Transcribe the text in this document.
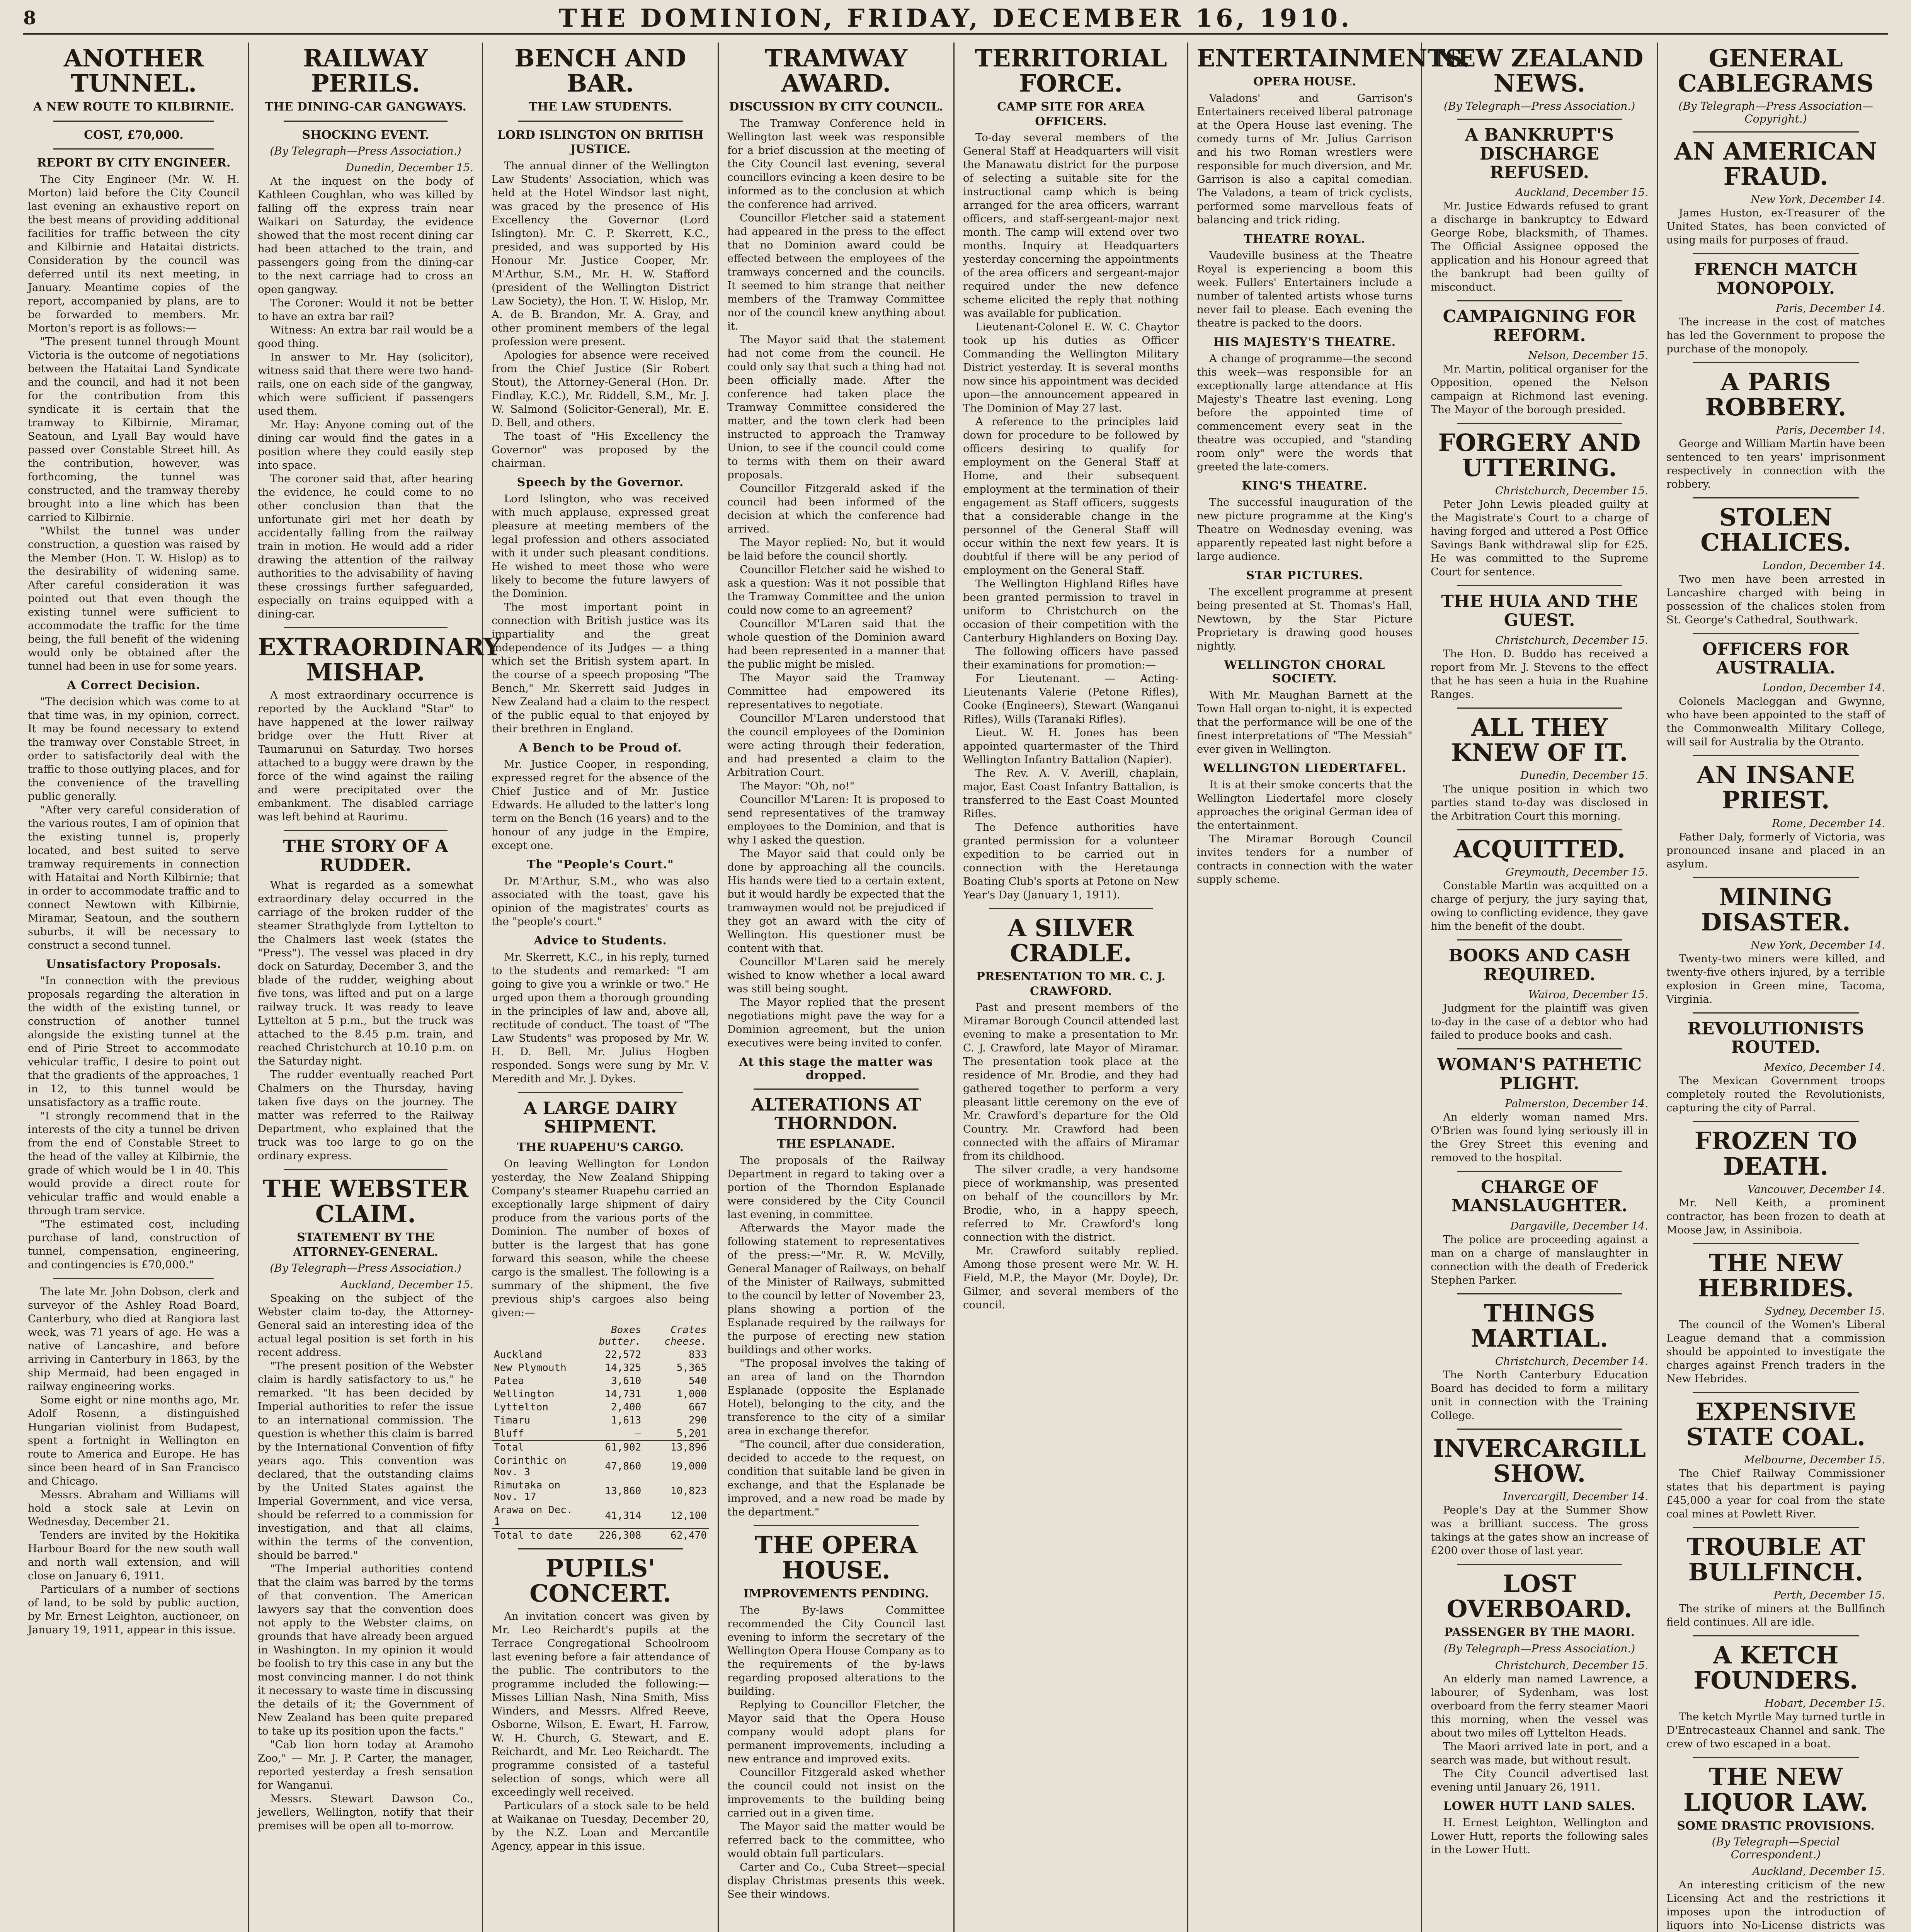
8	THE DOMINION, FRIDAY, DECEMBER 16, 1910.
ANOTHER TUNNEL.
A NEW ROUTE TO KILBIRNIE.
COST, £70,000.
REPORT BY CITY ENGINEER.

The City Engineer (Mr. W. H. Morton) laid before the City Council last evening an exhaustive report on the best means of providing additional facilities for traffic between the city and Kilbirnie and Hataitai districts. Consideration by the council was deferred until its next meeting, in January. Meantime copies of the report, accompanied by plans, are to be forwarded to members. Mr. Morton's report is as follows:—

"The present tunnel through Mount Victoria is the outcome of negotiations between the Hataitai Land Syndicate and the council, and had it not been for the contribution from this syndicate it is certain that the tramway to Kilbirnie, Miramar, Seatoun, and Lyall Bay would have passed over Constable Street hill. As the contribution, however, was forthcoming, the tunnel was constructed, and the tramway thereby brought into a line which has been carried to Kilbirnie.

"Whilst the tunnel was under construction, a question was raised by the Member (Hon. T. W. Hislop) as to the desirability of widening same. After careful consideration it was pointed out that even though the existing tunnel were sufficient to accommodate the traffic for the time being, the full benefit of the widening would only be obtained after the tunnel had been in use for some years.

A Correct Decision.

"The decision which was come to at that time was, in my opinion, correct. It may be found necessary to extend the tramway over Constable Street, in order to satisfactorily deal with the traffic to those outlying places, and for the convenience of the travelling public generally.

"After very careful consideration of the various routes, I am of opinion that the existing tunnel is, properly located, and best suited to serve tramway requirements in connection with Hataitai and North Kilbirnie; that in order to accommodate traffic and to connect Newtown with Kilbirnie, Miramar, Seatoun, and the southern suburbs, it will be necessary to construct a second tunnel.

Unsatisfactory Proposals.

"In connection with the previous proposals regarding the alteration in the width of the existing tunnel, or construction of another tunnel alongside the existing tunnel at the end of Pirie Street to accommodate vehicular traffic, I desire to point out that the gradients of the approaches, 1 in 12, to this tunnel would be unsatisfactory as a traffic route.

"I strongly recommend that in the interests of the city a tunnel be driven from the end of Constable Street to the head of the valley at Kilbirnie, the grade of which would be 1 in 40. This would provide a direct route for vehicular traffic and would enable a through tram service.

"The estimated cost, including purchase of land, construction of tunnel, compensation, engineering, and contingencies is £70,000."

The late Mr. John Dobson, clerk and surveyor of the Ashley Road Board, Canterbury, who died at Rangiora last week, was 71 years of age. He was a native of Lancashire, and before arriving in Canterbury in 1863, by the ship Mermaid, had been engaged in railway engineering works.

Some eight or nine months ago, Mr. Adolf Rosenn, a distinguished Hungarian violinist from Budapest, spent a fortnight in Wellington en route to America and Europe. He has since been heard of in San Francisco and Chicago.

Messrs. Abraham and Williams will hold a stock sale at Levin on Wednesday, December 21.

Tenders are invited by the Hokitika Harbour Board for the new south wall and north wall extension, and will close on January 6, 1911.

Particulars of a number of sections of land, to be sold by public auction, by Mr. Ernest Leighton, auctioneer, on January 19, 1911, appear in this issue.

RAILWAY PERILS.
THE DINING-CAR GANGWAYS.
SHOCKING EVENT.
(By Telegraph—Press Association.)

Dunedin, December 15.

At the inquest on the body of Kathleen Coughlan, who was killed by falling off the express train near Waikari on Saturday, the evidence showed that the most recent dining car had been attached to the train, and passengers going from the dining-car to the next carriage had to cross an open gangway.

The Coroner: Would it not be better to have an extra bar rail?

Witness: An extra bar rail would be a good thing.

In answer to Mr. Hay (solicitor), witness said that there were two hand-rails, one on each side of the gangway, which were sufficient if passengers used them.

Mr. Hay: Anyone coming out of the dining car would find the gates in a position where they could easily step into space.

The coroner said that, after hearing the evidence, he could come to no other conclusion than that the unfortunate girl met her death by accidentally falling from the railway train in motion. He would add a rider drawing the attention of the railway authorities to the advisability of having these crossings further safeguarded, especially on trains equipped with a dining-car.

EXTRAORDINARY MISHAP.

A most extraordinary occurrence is reported by the Auckland "Star" to have happened at the lower railway bridge over the Hutt River at Taumarunui on Saturday. Two horses attached to a buggy were drawn by the force of the wind against the railing and were precipitated over the embankment. The disabled carriage was left behind at Raurimu.

THE STORY OF A RUDDER.

What is regarded as a somewhat extraordinary delay occurred in the carriage of the broken rudder of the steamer Strathglyde from Lyttelton to the Chalmers last week (states the "Press"). The vessel was placed in dry dock on Saturday, December 3, and the blade of the rudder, weighing about five tons, was lifted and put on a large railway truck. It was ready to leave Lyttelton at 5 p.m., but the truck was attached to the 8.45 p.m. train, and reached Christchurch at 10.10 p.m. on the Saturday night.

The rudder eventually reached Port Chalmers on the Thursday, having taken five days on the journey. The matter was referred to the Railway Department, who explained that the truck was too large to go on the ordinary express.

THE WEBSTER CLAIM.
STATEMENT BY THE ATTORNEY-GENERAL.
(By Telegraph—Press Association.)

Auckland, December 15.

Speaking on the subject of the Webster claim to-day, the Attorney-General said an interesting idea of the actual legal position is set forth in his recent address.

"The present position of the Webster claim is hardly satisfactory to us," he remarked. "It has been decided by Imperial authorities to refer the issue to an international commission. The question is whether this claim is barred by the International Convention of fifty years ago. This convention was declared, that the outstanding claims by the United States against the Imperial Government, and vice versa, should be referred to a commission for investigation, and that all claims, within the terms of the convention, should be barred."

"The Imperial authorities contend that the claim was barred by the terms of that convention. The American lawyers say that the convention does not apply to the Webster claims, on grounds that have already been argued in Washington. In my opinion it would be foolish to try this case in any but the most convincing manner. I do not think it necessary to waste time in discussing the details of it; the Government of New Zealand has been quite prepared to take up its position upon the facts."

"Cab lion horn today at Aramoho Zoo," — Mr. J. P. Carter, the manager, reported yesterday a fresh sensation for Wanganui.

Messrs. Stewart Dawson Co., jewellers, Wellington, notify that their premises will be open all to-morrow.

BENCH AND BAR.
THE LAW STUDENTS.
LORD ISLINGTON ON BRITISH JUSTICE.

The annual dinner of the Wellington Law Students' Association, which was held at the Hotel Windsor last night, was graced by the presence of His Excellency the Governor (Lord Islington). Mr. C. P. Skerrett, K.C., presided, and was supported by His Honour Mr. Justice Cooper, Mr. M'Arthur, S.M., Mr. H. W. Stafford (president of the Wellington District Law Society), the Hon. T. W. Hislop, Mr. A. de B. Brandon, Mr. A. Gray, and other prominent members of the legal profession were present.

Apologies for absence were received from the Chief Justice (Sir Robert Stout), the Attorney-General (Hon. Dr. Findlay, K.C.), Mr. Riddell, S.M., Mr. J. W. Salmond (Solicitor-General), Mr. E. D. Bell, and others.

The toast of "His Excellency the Governor" was proposed by the chairman.

Speech by the Governor.

Lord Islington, who was received with much applause, expressed great pleasure at meeting members of the legal profession and others associated with it under such pleasant conditions. He wished to meet those who were likely to become the future lawyers of the Dominion.

The most important point in connection with British justice was its impartiality and the great independence of its Judges — a thing which set the British system apart. In the course of a speech proposing "The Bench," Mr. Skerrett said Judges in New Zealand had a claim to the respect of the public equal to that enjoyed by their brethren in England.

A Bench to be Proud of.

Mr. Justice Cooper, in responding, expressed regret for the absence of the Chief Justice and of Mr. Justice Edwards. He alluded to the latter's long term on the Bench (16 years) and to the honour of any judge in the Empire, except one.

The "People's Court."

Dr. M'Arthur, S.M., who was also associated with the toast, gave his opinion of the magistrates' courts as the "people's court."

Advice to Students.

Mr. Skerrett, K.C., in his reply, turned to the students and remarked: "I am going to give you a wrinkle or two." He urged upon them a thorough grounding in the principles of law and, above all, rectitude of conduct. The toast of "The Law Students" was proposed by Mr. W. H. D. Bell. Mr. Julius Hogben responded. Songs were sung by Mr. V. Meredith and Mr. J. Dykes.

A LARGE DAIRY SHIPMENT.
THE RUAPEHU'S CARGO.

On leaving Wellington for London yesterday, the New Zealand Shipping Company's steamer Ruapehu carried an exceptionally large shipment of dairy produce from the various ports of the Dominion. The number of boxes of butter is the largest that has gone forward this season, while the cheese cargo is the smallest. The following is a summary of the shipment, the five previous ship's cargoes also being given:—

	Boxes butter.	Crates cheese.
Auckland	22,572	833
New Plymouth	14,325	5,365
Patea	3,610	540
Wellington	14,731	1,000
Lyttelton	2,400	667
Timaru	1,613	290
Bluff	—	5,201
Total	61,902	13,896
Corinthic on Nov. 3	47,860	19,000
Rimutaka on Nov. 17	13,860	10,823
Arawa on Dec. 1	41,314	12,100
Total to date	226,308	62,470
PUPILS' CONCERT.

An invitation concert was given by Mr. Leo Reichardt's pupils at the Terrace Congregational Schoolroom last evening before a fair attendance of the public. The contributors to the programme included the following:— Misses Lillian Nash, Nina Smith, Miss Winders, and Messrs. Alfred Reeve, Osborne, Wilson, E. Ewart, H. Farrow, W. H. Church, G. Stewart, and E. Reichardt, and Mr. Leo Reichardt. The programme consisted of a tasteful selection of songs, which were all exceedingly well received.

Particulars of a stock sale to be held at Waikanae on Tuesday, December 20, by the N.Z. Loan and Mercantile Agency, appear in this issue.

TRAMWAY AWARD.
DISCUSSION BY CITY COUNCIL.

The Tramway Conference held in Wellington last week was responsible for a brief discussion at the meeting of the City Council last evening, several councillors evincing a keen desire to be informed as to the conclusion at which the conference had arrived.

Councillor Fletcher said a statement had appeared in the press to the effect that no Dominion award could be effected between the employees of the tramways concerned and the councils. It seemed to him strange that neither members of the Tramway Committee nor of the council knew anything about it.

The Mayor said that the statement had not come from the council. He could only say that such a thing had not been officially made. After the conference had taken place the Tramway Committee considered the matter, and the town clerk had been instructed to approach the Tramway Union, to see if the council could come to terms with them on their award proposals.

Councillor Fitzgerald asked if the council had been informed of the decision at which the conference had arrived.

The Mayor replied: No, but it would be laid before the council shortly.

Councillor Fletcher said he wished to ask a question: Was it not possible that the Tramway Committee and the union could now come to an agreement?

Councillor M'Laren said that the whole question of the Dominion award had been represented in a manner that the public might be misled.

The Mayor said the Tramway Committee had empowered its representatives to negotiate.

Councillor M'Laren understood that the council employees of the Dominion were acting through their federation, and had presented a claim to the Arbitration Court.

The Mayor: "Oh, no!"

Councillor M'Laren: It is proposed to send representatives of the tramway employees to the Dominion, and that is why I asked the question.

The Mayor said that could only be done by approaching all the councils. His hands were tied to a certain extent, but it would hardly be expected that the tramwaymen would not be prejudiced if they got an award with the city of Wellington. His questioner must be content with that.

Councillor M'Laren said he merely wished to know whether a local award was still being sought.

The Mayor replied that the present negotiations might pave the way for a Dominion agreement, but the union executives were being invited to confer.

At this stage the matter was dropped.
ALTERATIONS AT THORNDON.
THE ESPLANADE.

The proposals of the Railway Department in regard to taking over a portion of the Thorndon Esplanade were considered by the City Council last evening, in committee.

Afterwards the Mayor made the following statement to representatives of the press:—"Mr. R. W. McVilly, General Manager of Railways, on behalf of the Minister of Railways, submitted to the council by letter of November 23, plans showing a portion of the Esplanade required by the railways for the purpose of erecting new station buildings and other works.

"The proposal involves the taking of an area of land on the Thorndon Esplanade (opposite the Esplanade Hotel), belonging to the city, and the transference to the city of a similar area in exchange therefor.

"The council, after due consideration, decided to accede to the request, on condition that suitable land be given in exchange, and that the Esplanade be improved, and a new road be made by the department."

THE OPERA HOUSE.
IMPROVEMENTS PENDING.

The By-laws Committee recommended the City Council last evening to inform the secretary of the Wellington Opera House Company as to the requirements of the by-laws regarding proposed alterations to the building.

Replying to Councillor Fletcher, the Mayor said that the Opera House company would adopt plans for permanent improvements, including a new entrance and improved exits.

Councillor Fitzgerald asked whether the council could not insist on the improvements to the building being carried out in a given time.

The Mayor said the matter would be referred back to the committee, who would obtain full particulars.

Carter and Co., Cuba Street—special display Christmas presents this week. See their windows.

TERRITORIAL FORCE.
CAMP SITE FOR AREA OFFICERS.

To-day several members of the General Staff at Headquarters will visit the Manawatu district for the purpose of selecting a suitable site for the instructional camp which is being arranged for the area officers, warrant officers, and staff-sergeant-major next month. The camp will extend over two months. Inquiry at Headquarters yesterday concerning the appointments of the area officers and sergeant-major required under the new defence scheme elicited the reply that nothing was available for publication.

Lieutenant-Colonel E. W. C. Chaytor took up his duties as Officer Commanding the Wellington Military District yesterday. It is several months now since his appointment was decided upon—the announcement appeared in The Dominion of May 27 last.

A reference to the principles laid down for procedure to be followed by officers desiring to qualify for employment on the General Staff at Home, and their subsequent employment at the termination of their engagement as Staff officers, suggests that a considerable change in the personnel of the General Staff will occur within the next few years. It is doubtful if there will be any period of employment on the General Staff.

The Wellington Highland Rifles have been granted permission to travel in uniform to Christchurch on the occasion of their competition with the Canterbury Highlanders on Boxing Day.

The following officers have passed their examinations for promotion:—

For Lieutenant. — Acting-Lieutenants Valerie (Petone Rifles), Cooke (Engineers), Stewart (Wanganui Rifles), Wills (Taranaki Rifles).

Lieut. W. H. Jones has been appointed quartermaster of the Third Wellington Infantry Battalion (Napier).

The Rev. A. V. Averill, chaplain, major, East Coast Infantry Battalion, is transferred to the East Coast Mounted Rifles.

The Defence authorities have granted permission for a volunteer expedition to be carried out in connection with the Heretaunga Boating Club's sports at Petone on New Year's Day (January 1, 1911).

A SILVER CRADLE.
PRESENTATION TO MR. C. J. CRAWFORD.

Past and present members of the Miramar Borough Council attended last evening to make a presentation to Mr. C. J. Crawford, late Mayor of Miramar. The presentation took place at the residence of Mr. Brodie, and they had gathered together to perform a very pleasant little ceremony on the eve of Mr. Crawford's departure for the Old Country. Mr. Crawford had been connected with the affairs of Miramar from its childhood.

The silver cradle, a very handsome piece of workmanship, was presented on behalf of the councillors by Mr. Brodie, who, in a happy speech, referred to Mr. Crawford's long connection with the district.

Mr. Crawford suitably replied. Among those present were Mr. W. H. Field, M.P., the Mayor (Mr. Doyle), Dr. Gilmer, and several members of the council.

ENTERTAINMENTS.
OPERA HOUSE.

Valadons' and Garrison's Entertainers received liberal patronage at the Opera House last evening. The comedy turns of Mr. Julius Garrison and his two Roman wrestlers were responsible for much diversion, and Mr. Garrison is also a capital comedian. The Valadons, a team of trick cyclists, performed some marvellous feats of balancing and trick riding.

THEATRE ROYAL.

Vaudeville business at the Theatre Royal is experiencing a boom this week. Fullers' Entertainers include a number of talented artists whose turns never fail to please. Each evening the theatre is packed to the doors.

HIS MAJESTY'S THEATRE.

A change of programme—the second this week—was responsible for an exceptionally large attendance at His Majesty's Theatre last evening. Long before the appointed time of commencement every seat in the theatre was occupied, and "standing room only" were the words that greeted the late-comers.

KING'S THEATRE.

The successful inauguration of the new picture programme at the King's Theatre on Wednesday evening, was apparently repeated last night before a large audience.

STAR PICTURES.

The excellent programme at present being presented at St. Thomas's Hall, Newtown, by the Star Picture Proprietary is drawing good houses nightly.

WELLINGTON CHORAL SOCIETY.

With Mr. Maughan Barnett at the Town Hall organ to-night, it is expected that the performance will be one of the finest interpretations of "The Messiah" ever given in Wellington.

WELLINGTON LIEDERTAFEL.

It is at their smoke concerts that the Wellington Liedertafel more closely approaches the original German idea of the entertainment.

The Miramar Borough Council invites tenders for a number of contracts in connection with the water supply scheme.

NEW ZEALAND NEWS.
(By Telegraph—Press Association.)
A BANKRUPT'S DISCHARGE REFUSED.

Auckland, December 15.

Mr. Justice Edwards refused to grant a discharge in bankruptcy to Edward George Robe, blacksmith, of Thames. The Official Assignee opposed the application and his Honour agreed that the bankrupt had been guilty of misconduct.

CAMPAIGNING FOR REFORM.

Nelson, December 15.

Mr. Martin, political organiser for the Opposition, opened the Nelson campaign at Richmond last evening. The Mayor of the borough presided.

FORGERY AND UTTERING.

Christchurch, December 15.

Peter John Lewis pleaded guilty at the Magistrate's Court to a charge of having forged and uttered a Post Office Savings Bank withdrawal slip for £25. He was committed to the Supreme Court for sentence.

THE HUIA AND THE GUEST.

Christchurch, December 15.

The Hon. D. Buddo has received a report from Mr. J. Stevens to the effect that he has seen a huia in the Ruahine Ranges.

ALL THEY KNEW OF IT.

Dunedin, December 15.

The unique position in which two parties stand to-day was disclosed in the Arbitration Court this morning.

ACQUITTED.

Greymouth, December 15.

Constable Martin was acquitted on a charge of perjury, the jury saying that, owing to conflicting evidence, they gave him the benefit of the doubt.

BOOKS AND CASH REQUIRED.

Wairoa, December 15.

Judgment for the plaintiff was given to-day in the case of a debtor who had failed to produce books and cash.

WOMAN'S PATHETIC PLIGHT.

Palmerston, December 14.

An elderly woman named Mrs. O'Brien was found lying seriously ill in the Grey Street this evening and removed to the hospital.

CHARGE OF MANSLAUGHTER.

Dargaville, December 14.

The police are proceeding against a man on a charge of manslaughter in connection with the death of Frederick Stephen Parker.

THINGS MARTIAL.

Christchurch, December 14.

The North Canterbury Education Board has decided to form a military unit in connection with the Training College.

INVERCARGILL SHOW.

Invercargill, December 14.

People's Day at the Summer Show was a brilliant success. The gross takings at the gates show an increase of £200 over those of last year.

LOST OVERBOARD.
PASSENGER BY THE MAORI.
(By Telegraph—Press Association.)

Christchurch, December 15.

An elderly man named Lawrence, a labourer, of Sydenham, was lost overboard from the ferry steamer Maori this morning, when the vessel was about two miles off Lyttelton Heads.

The Maori arrived late in port, and a search was made, but without result.

The City Council advertised last evening until January 26, 1911.

LOWER HUTT LAND SALES.

H. Ernest Leighton, Wellington and Lower Hutt, reports the following sales in the Lower Hutt.

GENERAL CABLEGRAMS
(By Telegraph—Press Association—Copyright.)
AN AMERICAN FRAUD.

New York, December 14.

James Huston, ex-Treasurer of the United States, has been convicted of using mails for purposes of fraud.

FRENCH MATCH MONOPOLY.

Paris, December 14.

The increase in the cost of matches has led the Government to propose the purchase of the monopoly.

A PARIS ROBBERY.

Paris, December 14.

George and William Martin have been sentenced to ten years' imprisonment respectively in connection with the robbery.

STOLEN CHALICES.

London, December 14.

Two men have been arrested in Lancashire charged with being in possession of the chalices stolen from St. George's Cathedral, Southwark.

OFFICERS FOR AUSTRALIA.

London, December 14.

Colonels Macleggan and Gwynne, who have been appointed to the staff of the Commonwealth Military College, will sail for Australia by the Otranto.

AN INSANE PRIEST.

Rome, December 14.

Father Daly, formerly of Victoria, was pronounced insane and placed in an asylum.

MINING DISASTER.

New York, December 14.

Twenty-two miners were killed, and twenty-five others injured, by a terrible explosion in Green mine, Tacoma, Virginia.

REVOLUTIONISTS ROUTED.

Mexico, December 14.

The Mexican Government troops completely routed the Revolutionists, capturing the city of Parral.

FROZEN TO DEATH.

Vancouver, December 14.

Mr. Nell Keith, a prominent contractor, has been frozen to death at Moose Jaw, in Assiniboia.

THE NEW HEBRIDES.

Sydney, December 15.

The council of the Women's Liberal League demand that a commission should be appointed to investigate the charges against French traders in the New Hebrides.

EXPENSIVE STATE COAL.

Melbourne, December 15.

The Chief Railway Commissioner states that his department is paying £45,000 a year for coal from the state coal mines at Powlett River.

TROUBLE AT BULLFINCH.

Perth, December 15.

The strike of miners at the Bullfinch field continues. All are idle.

A KETCH FOUNDERS.

Hobart, December 15.

The ketch Myrtle May turned turtle in D'Entrecasteaux Channel and sank. The crew of two escaped in a boat.

THE NEW LIQUOR LAW.
SOME DRASTIC PROVISIONS.
(By Telegraph—Special Correspondent.)

Auckland, December 15.

An interesting criticism of the new Licensing Act and the restrictions it imposes upon the introduction of liquors into No-License districts was
